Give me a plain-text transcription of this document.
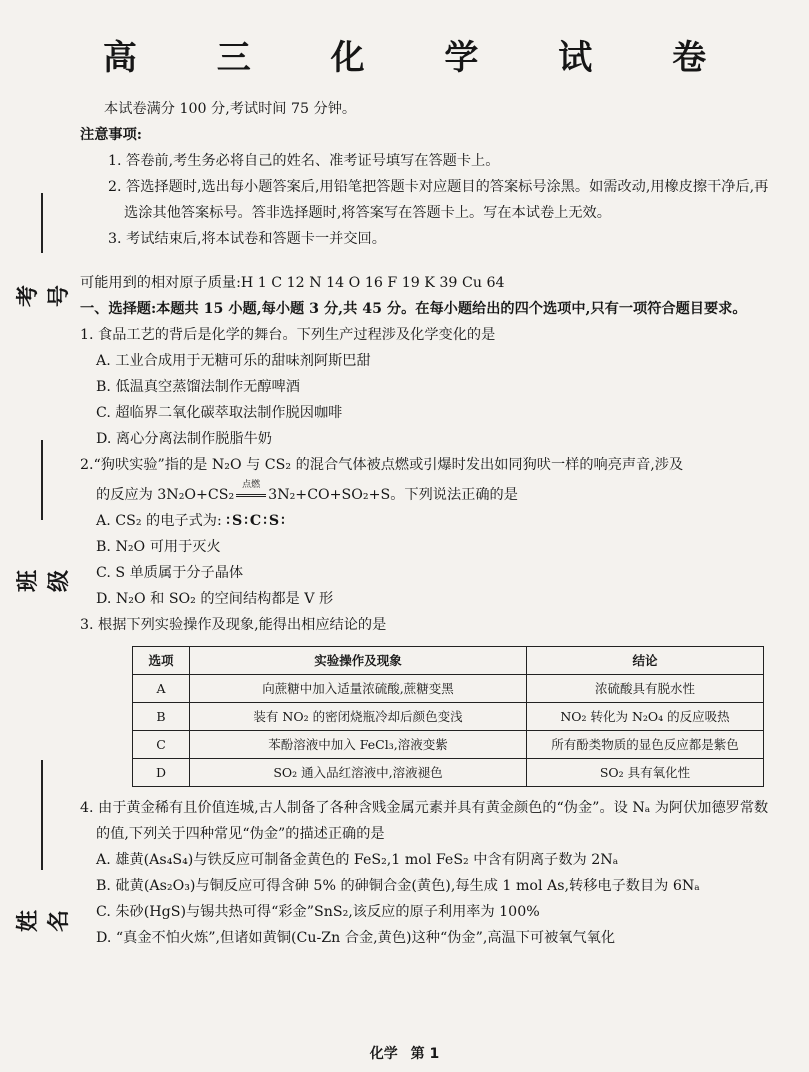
高 三 化 学 试 卷
考号
班级
姓名

本试卷满分 100 分,考试时间 75 分钟。

注意事项:

1. 答卷前,考生务必将自己的姓名、准考证号填写在答题卡上。

2. 答选择题时,选出每小题答案后,用铅笔把答题卡对应题目的答案标号涂黑。如需改动,用橡皮擦干净后,再选涂其他答案标号。答非选择题时,将答案写在答题卡上。写在本试卷上无效。

3. 考试结束后,将本试卷和答题卡一并交回。

可能用到的相对原子质量:H 1 C 12 N 14 O 16 F 19 K 39 Cu 64

一、选择题:本题共 15 小题,每小题 3 分,共 45 分。在每小题给出的四个选项中,只有一项符合题目要求。

1. 食品工艺的背后是化学的舞台。下列生产过程涉及化学变化的是

A. 工业合成用于无糖可乐的甜味剂阿斯巴甜

B. 低温真空蒸馏法制作无醇啤酒

C. 超临界二氧化碳萃取法制作脱因咖啡

D. 离心分离法制作脱脂牛奶

2.“狗吠实验”指的是 N₂O 与 CS₂ 的混合气体被点燃或引爆时发出如同狗吠一样的响亮声音,涉及

的反应为 3N₂O+CS₂
点燃
3N₂+CO+SO₂+S。下列说法正确的是

A. CS₂ 的电子式为: ∶S∶C∶S∶

B. N₂O 可用于灭火

C. S 单质属于分子晶体

D. N₂O 和 SO₂ 的空间结构都是 V 形

3. 根据下列实验操作及现象,能得出相应结论的是

选项	实验操作及现象	结论
A	向蔗糖中加入适量浓硫酸,蔗糖变黑	浓硫酸具有脱水性
B	装有 NO₂ 的密闭烧瓶冷却后颜色变浅	NO₂ 转化为 N₂O₄ 的反应吸热
C	苯酚溶液中加入 FeCl₃,溶液变紫	所有酚类物质的显色反应都是紫色
D	SO₂ 通入品红溶液中,溶液褪色	SO₂ 具有氧化性

4. 由于黄金稀有且价值连城,古人制备了各种含贱金属元素并具有黄金颜色的“伪金”。设 Nₐ 为阿伏加德罗常数的值,下列关于四种常见“伪金”的描述正确的是

A. 雄黄(As₄S₄)与铁反应可制备金黄色的 FeS₂,1 mol FeS₂ 中含有阴离子数为 2Nₐ

B. 砒黄(As₂O₃)与铜反应可得含砷 5% 的砷铜合金(黄色),每生成 1 mol As,转移电子数目为 6Nₐ

C. 朱砂(HgS)与锡共热可得“彩金”SnS₂,该反应的原子利用率为 100%

D. “真金不怕火炼”,但诸如黄铜(Cu-Zn 合金,黄色)这种“伪金”,高温下可被氧气氧化

化学 第 1
